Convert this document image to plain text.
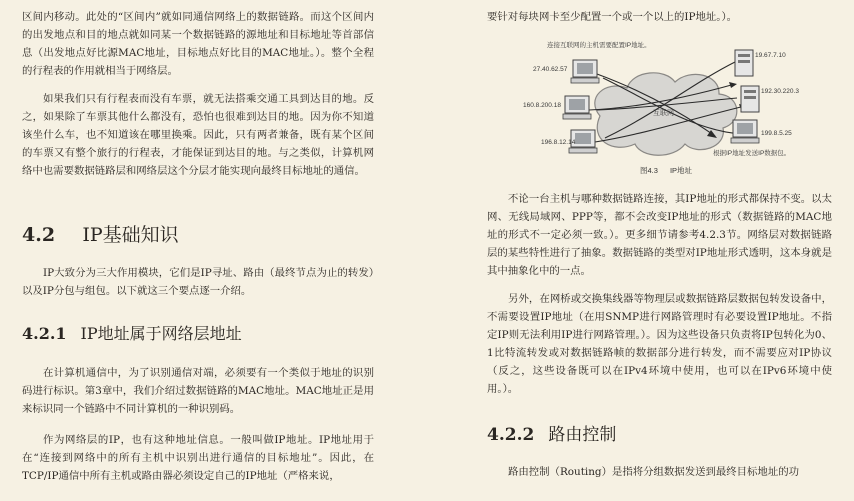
区间内移动。此处的“区间内”就如同通信网络上的数据链路。而这个区间内的出发地点和目的地点就如同某一个数据链路的源地址和目标地址等首部信息（出发地点好比源MAC地址，目标地点好比目的MAC地址。）。整个全程的行程表的作用就相当于网络层。

如果我们只有行程表而没有车票，就无法搭乘交通工具到达目的地。反之，如果除了车票其他什么都没有，恐怕也很难到达目的地。因为你不知道该坐什么车，也不知道该在哪里换乘。因此，只有两者兼备，既有某个区间的车票又有整个旅行的行程表，才能保证到达目的地。与之类似，计算机网络中也需要数据链路层和网络层这个分层才能实现向最终目标地址的通信。

4.2 IP基础知识

IP大致分为三大作用模块，它们是IP寻址、路由（最终节点为止的转发）以及IP分包与组包。以下就这三个要点逐一介绍。

4.2.1 IP地址属于网络层地址

在计算机通信中，为了识别通信对端，必须要有一个类似于地址的识别码进行标识。第3章中，我们介绍过数据链路的MAC地址。MAC地址正是用来标识同一个链路中不同计算机的一种识别码。

作为网络层的IP，也有这种地址信息。一般叫做IP地址。IP地址用于在“连接到网络中的所有主机中识别出进行通信的目标地址”。因此，在TCP/IP通信中所有主机或路由器必须设定自己的IP地址（严格来说，

要针对每块网卡至少配置一个或一个以上的IP地址。）。

连接互联网的主机需要配置IP地址。
互联网
27.40.62.57
160.8.200.18
196.8.12.14
19.67.7.10
192.30.220.3
199.8.5.25
根据IP地址发送IP数据包。
图4.3 IP地址

不论一台主机与哪种数据链路连接，其IP地址的形式都保持不变。以太网、无线局域网、PPP等，都不会改变IP地址的形式（数据链路的MAC地址的形式不一定必须一致。）。更多细节请参考4.2.3节。网络层对数据链路层的某些特性进行了抽象。数据链路的类型对IP地址形式透明，这本身就是其中抽象化中的一点。

另外，在网桥或交换集线器等物理层或数据链路层数据包转发设备中，不需要设置IP地址（在用SNMP进行网路管理时有必要设置IP地址。不指定IP则无法利用IP进行网路管理。）。因为这些设备只负责将IP包转化为0、1比特流转发或对数据链路帧的数据部分进行转发，而不需要应对IP协议（反之，这些设备既可以在IPv4环境中使用，也可以在IPv6环境中使用。）。

4.2.2 路由控制

路由控制（Routing）是指将分组数据发送到最终目标地址的功
